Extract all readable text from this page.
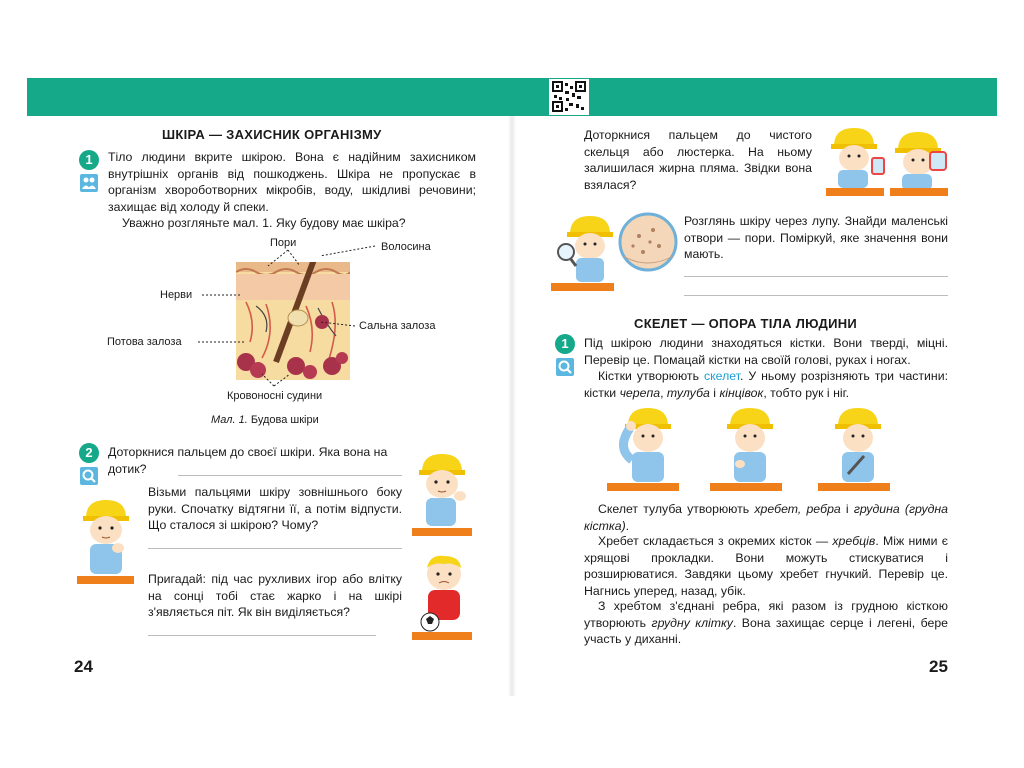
ШКІРА — ЗАХИСНИК ОРГАНІЗМУ
1	Тіло людини вкрите шкірою. Вона є надійним захисником внутрішніх органів від пошкоджень. Шкіра не пропускає в організм хвороботворних мікробів, воду, шкідливі речовини; захищає від холоду й спеки.
Уважно розгляньте мал. 1. Яку будову має шкіра?
Пори	Волосина
Нерви
Сальна залоза
Потова залоза
Кровоносні судини
Мал. 1. Будова шкіри
2	Доторкнися пальцем до своєї шкіри. Яка вона на дотик?
Візьми пальцями шкіру зовнішнього боку руки. Спочатку відтягни її, а потім відпусти. Що сталося зі шкірою? Чому?
Пригадай: під час рухливих ігор або влітку на сонці тобі стає жарко і на шкірі з'являється піт. Як він виділяється?
24
Доторкнися пальцем до чистого скельця або люстерка. На ньому залишилася жирна пляма. Звідки вона взялася?
Розглянь шкіру через лупу. Знайди маленські отвори — пори. Поміркуй, яке значення вони мають.
СКЕЛЕТ — ОПОРА ТІЛА ЛЮДИНИ
1	Під шкірою людини знаходяться кістки. Вони тверді, міцні. Перевір це. Помацай кістки на своїй голові, руках і ногах.
Кістки утворюють скелет. У ньому розрізняють три частини: кістки черепа, тулуба і кінцівок, тобто рук і ніг.
Скелет тулуба утворюють хребет, ребра і грудина (грудна кістка).
Хребет складається з окремих кісток — хребців. Між ними є хрящові прокладки. Вони можуть стискуватися і розширюватися. Завдяки цьому хребет гнучкий. Перевір це. Нагнись уперед, назад, убік.
З хребтом з'єднані ребра, які разом із грудною кісткою утворюють грудну клітку. Вона захищає серце і легені, бере участь у диханні.
25
